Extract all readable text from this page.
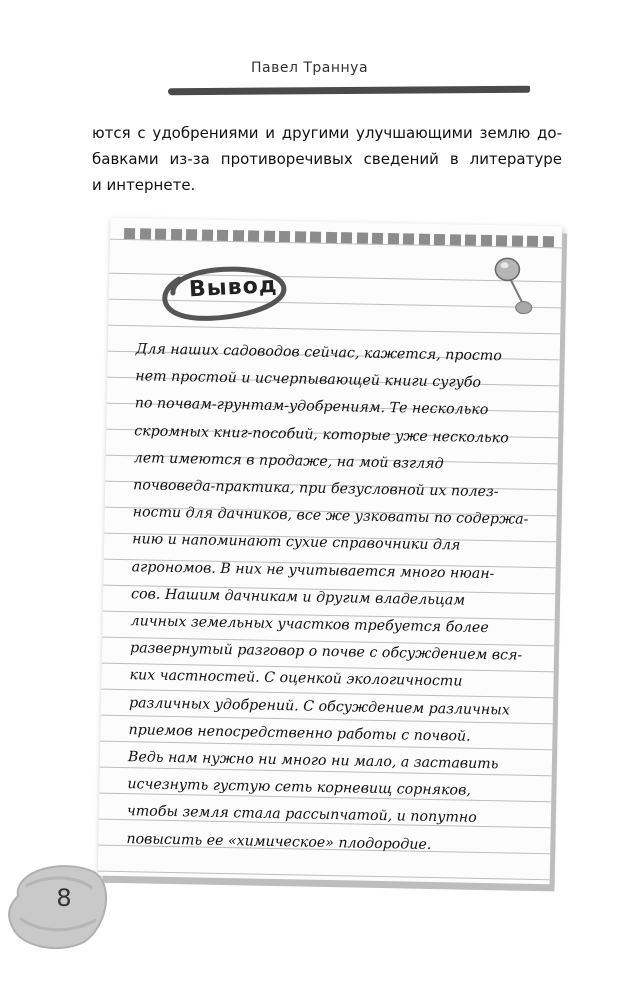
Павел Траннуа
ются с удобрениями и другими улучшающими землю до-
бавками из-за противоречивых сведений в литературе
и интернете.
Вывод
Для наших садоводов сейчас, кажется, просто
нет простой и исчерпывающей книги сугубо
по почвам-грунтам-удобрениям. Те несколько
скромных книг-пособий, которые уже несколько
лет имеются в продаже, на мой взгляд
почвоведа-практика, при безусловной их полез-
ности для дачников, все же узковаты по содержа-
нию и напоминают сухие справочники для
агрономов. В них не учитывается много нюан-
сов. Нашим дачникам и другим владельцам
личных земельных участков требуется более
развернутый разговор о почве с обсуждением вся-
ких частностей. С оценкой экологичности
различных удобрений. С обсуждением различных
приемов непосредственно работы с почвой.
Ведь нам нужно ни много ни мало, а заставить
исчезнуть густую сеть корневищ сорняков,
чтобы земля стала рассыпчатой, и попутно
повысить ее «химическое» плодородие.
8
